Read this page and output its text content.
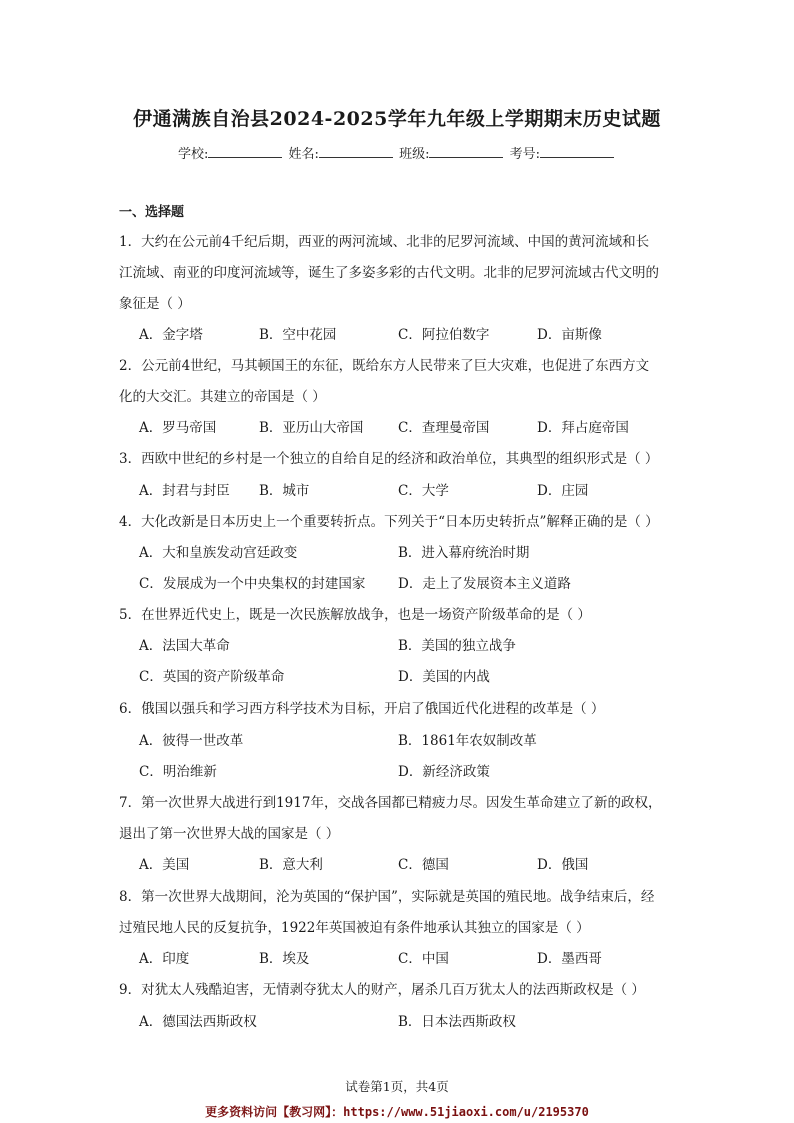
伊通满族自治县2024-2025学年九年级上学期期末历史试题
学校:	姓名:	班级:	考号:
一、选择题
1．大约在公元前4千纪后期，西亚的两河流域、北非的尼罗河流域、中国的黄河流域和长
江流域、南亚的印度河流域等，诞生了多姿多彩的古代文明。北非的尼罗河流域古代文明的
象征是（ ）
A．金字塔	B．空中花园	C．阿拉伯数字	D．亩斯像
2．公元前4世纪，马其顿国王的东征，既给东方人民带来了巨大灾难，也促进了东西方文
化的大交汇。其建立的帝国是（ ）
A．罗马帝国	B．亚历山大帝国	C．查理曼帝国	D．拜占庭帝国
3．西欧中世纪的乡村是一个独立的自给自足的经济和政治单位，其典型的组织形式是（ ）
A．封君与封臣 B．城市	C．大学	D．庄园
4．大化改新是日本历史上一个重要转折点。下列关于“日本历史转折点”解释正确的是（ ）
A．大和皇族发动宫廷政变	B．进入幕府统治时期
C．发展成为一个中央集权的封建国家 D．走上了发展资本主义道路
5．在世界近代史上，既是一次民族解放战争，也是一场资产阶级革命的是（ ）
A．法国大革命	B．美国的独立战争
C．英国的资产阶级革命	D．美国的内战
6．俄国以强兵和学习西方科学技术为目标，开启了俄国近代化进程的改革是（ ）
A．彼得一世改革	B．1861年农奴制改革
C．明治维新	D．新经济政策
7．第一次世界大战进行到1917年，交战各国都已精疲力尽。因发生革命建立了新的政权，
退出了第一次世界大战的国家是（ ）
A．美国	B．意大利	C．德国	D．俄国
8．第一次世界大战期间，沦为英国的“保护国”，实际就是英国的殖民地。战争结束后，经
过殖民地人民的反复抗争，1922年英国被迫有条件地承认其独立的国家是（ ）
A．印度	B．埃及	C．中国	D．墨西哥
9．对犹太人残酷迫害，无情剥夺犹太人的财产，屠杀几百万犹太人的法西斯政权是（ ）
A．德国法西斯政权	B．日本法西斯政权
试卷第1页，共4页
更多资料访问【教习网】：https://www.51jiaoxi.com/u/2195370
